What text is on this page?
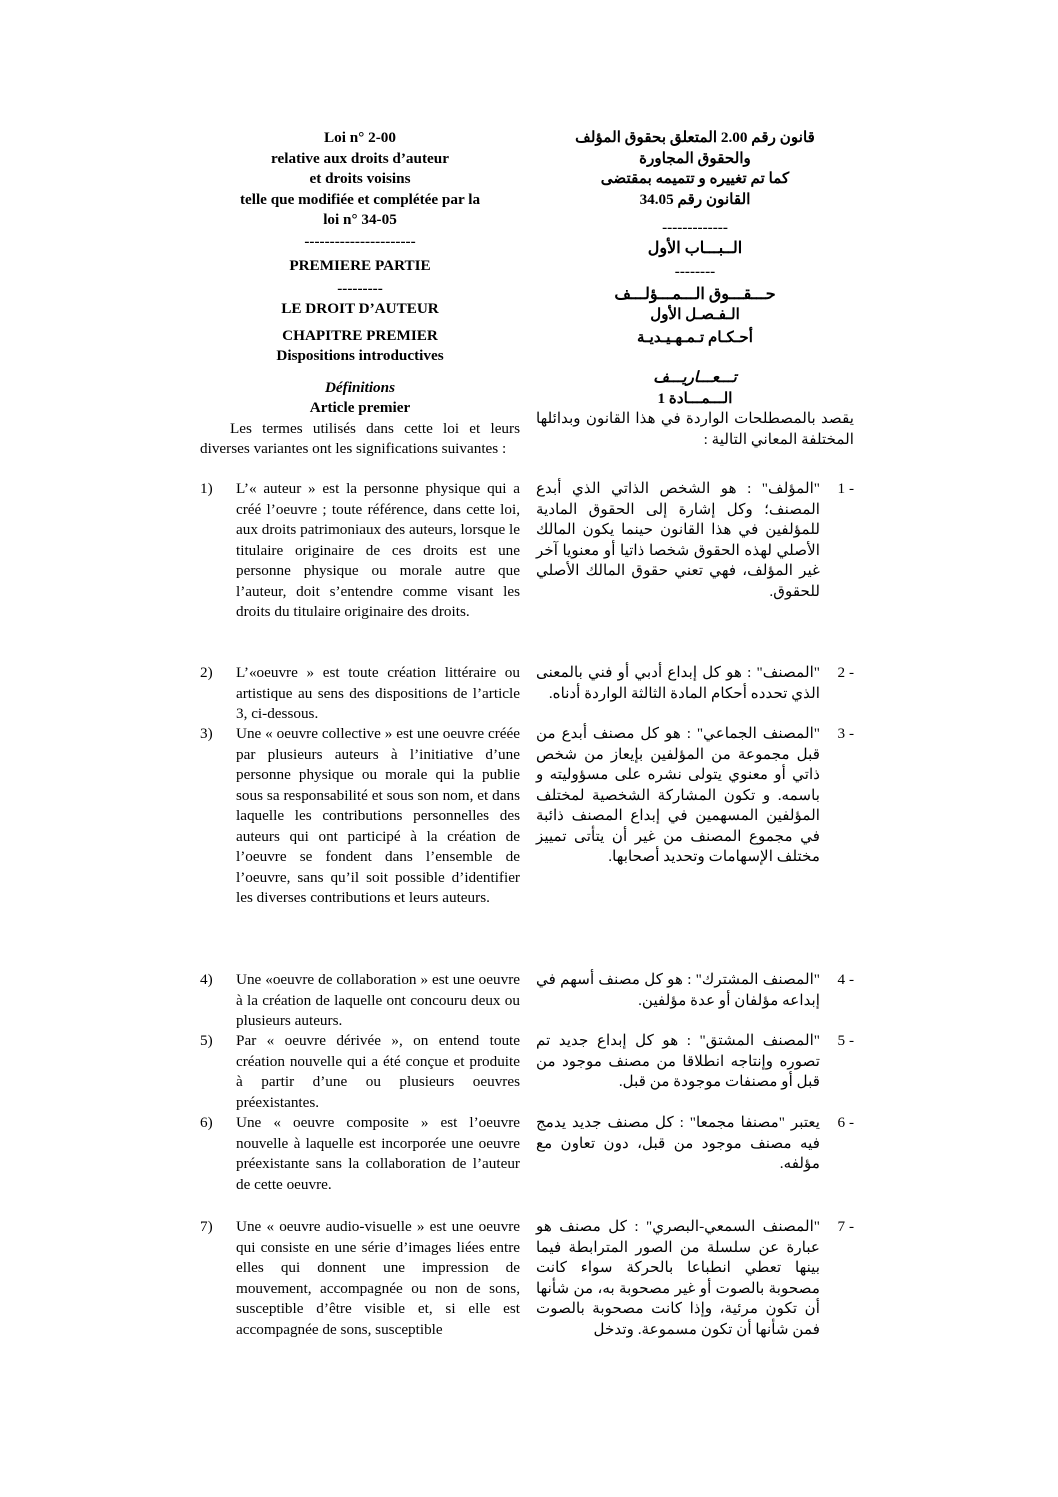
Loi n° 2-00
relative aux droits d’auteur
et droits voisins
telle que modifiée et complétée par la
loi n° 34-05
----------------------
PREMIERE PARTIE
---------
LE DROIT D’AUTEUR
CHAPITRE PREMIER
Dispositions introductives
Définitions
Article premier
Les termes utilisés dans cette loi et leurs diverses variantes ont les significations suivantes :
1)	L’« auteur » est la personne physique qui a créé l’oeuvre ; toute référence, dans cette loi, aux droits patrimoniaux des auteurs, lorsque le titulaire originaire de ces droits est une personne physique ou morale autre que l’auteur, doit s’entendre comme visant les droits du titulaire originaire des droits.
2)	L’«oeuvre » est toute création littéraire ou artistique au sens des dispositions de l’article 3, ci-dessous.
3)	Une « oeuvre collective » est une oeuvre créée par plusieurs auteurs à l’initiative d’une personne physique ou morale qui la publie sous sa responsabilité et sous son nom, et dans laquelle les contributions personnelles des auteurs qui ont participé à la création de l’oeuvre se fondent dans l’ensemble de l’oeuvre, sans qu’il soit possible d’identifier les diverses contributions et leurs auteurs.
4)	Une «oeuvre de collaboration » est une oeuvre à la création de laquelle ont concouru deux ou plusieurs auteurs.
5)	Par « oeuvre dérivée », on entend toute création nouvelle qui a été conçue et produite à partir d’une ou plusieurs oeuvres préexistantes.
6)	Une « oeuvre composite » est l’oeuvre nouvelle à laquelle est incorporée une oeuvre préexistante sans la collaboration de l’auteur de cette oeuvre.
7)	Une « oeuvre audio-visuelle » est une oeuvre qui consiste en une série d’images liées entre elles qui donnent une impression de mouvement, accompagnée ou non de sons, susceptible d’être visible et, si elle est accompagnée de sons, susceptible
قانون رقم 2.00 المتعلق بحقوق المؤلف
والحقوق المجاورة
كما تم تغييره و تتميمه بمقتضى
القانون رقم 34.05
-------------
الــبـــاب الأول
--------
حـــقـــوق الـــمـــؤلـــف
الـفـصـل الأول
أحـكـام تـمـهـيـديـة
تـــعـــاريـــف
الـــمـــادة 1
يقصد بالمصطلحات الواردة في هذا القانون وبدائلها المختلفة المعاني التالية :
1 -
"المؤلف" : هو الشخص الذاتي الذي أبدع المصنف؛ وكل إشارة إلى الحقوق المادية للمؤلفين في هذا القانون حينما يكون المالك الأصلي لهذه الحقوق شخصا ذاتيا أو معنويا آخر غير المؤلف، فهي تعني حقوق المالك الأصلي للحقوق.
2 -
"المصنف" : هو كل إبداع أدبي أو فني بالمعنى الذي تحدده أحكام المادة الثالثة الواردة أدناه.
3 -
"المصنف الجماعي" : هو كل مصنف أبدع من قبل مجموعة من المؤلفين بإيعاز من شخص ذاتي أو معنوي يتولى نشره على مسؤوليته و باسمه. و تكون المشاركة الشخصية لمختلف المؤلفين المسهمين في إبداع المصنف ذائبة في مجموع المصنف من غير أن يتأتى تمييز مختلف الإسهامات وتحديد أصحابها.
4 -
"المصنف المشترك" : هو كل مصنف أسهم في إبداعه مؤلفان أو عدة مؤلفين.
5 -
"المصنف المشتق" : هو كل إبداع جديد تم تصوره وإنتاجه انطلاقا من مصنف موجود من قبل أو مصنفات موجودة من قبل.
6 -
يعتبر "مصنفا مجمعا" : كل مصنف جديد يدمج فيه مصنف موجود من قبل، دون تعاون مع مؤلفه.
7 -
"المصنف السمعي-البصري" : كل مصنف هو عبارة عن سلسلة من الصور المترابطة فيما بينها تعطي انطباعا بالحركة سواء كانت مصحوبة بالصوت أو غير مصحوبة به، من شأنها أن تكون مرئية، وإذا كانت مصحوبة بالصوت فمن شأنها أن تكون مسموعة. وتدخل
